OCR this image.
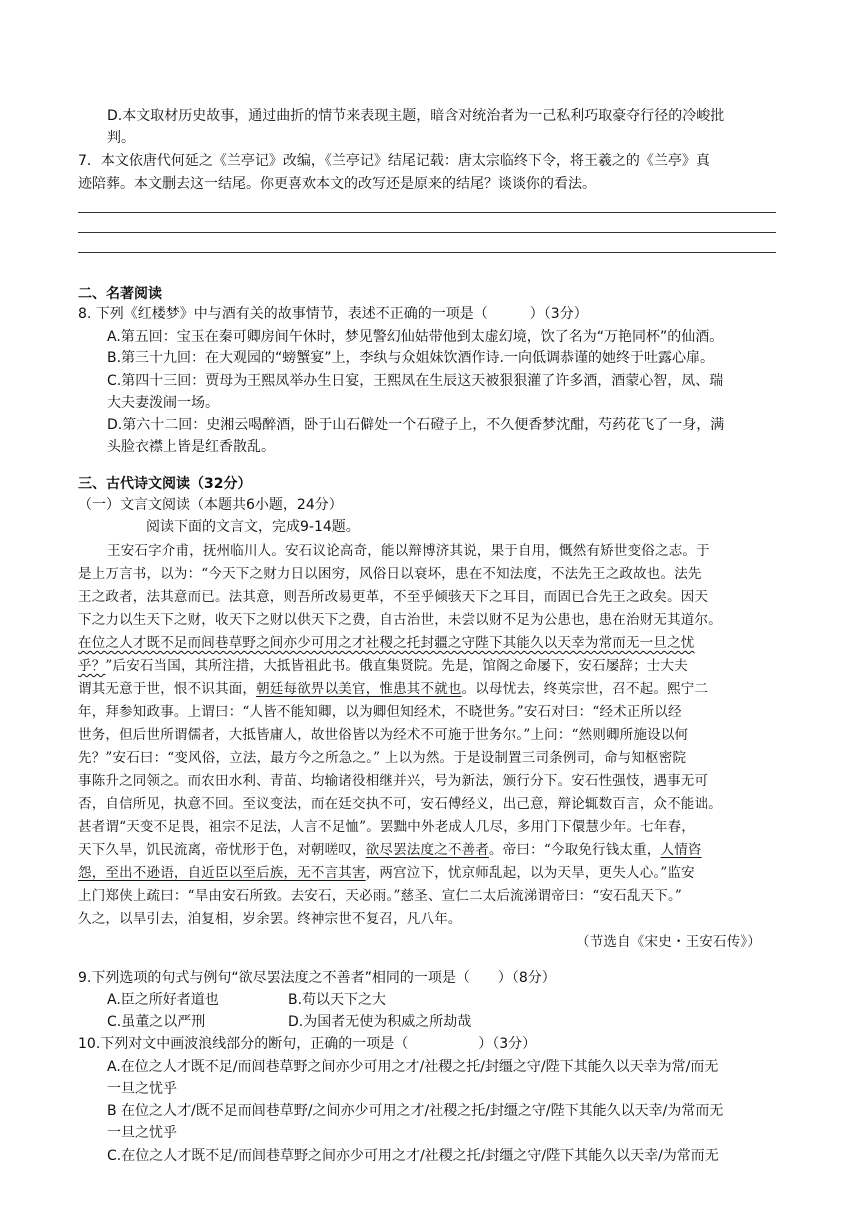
D.本文取材历史故事，通过曲折的情节来表现主题，暗含对统治者为一己私利巧取豪夺行径的冷峻批
判。
7．本文依唐代何延之《兰亭记》改编，《兰亭记》结尾记载：唐太宗临终下令，将王羲之的《兰亭》真
迹陪葬。本文删去这一结尾。你更喜欢本文的改写还是原来的结尾？谈谈你的看法。
二、名著阅读
8. 下列《红楼梦》中与酒有关的故事情节，表述不正确的一项是（　　　）（3分）
A.第五回：宝玉在秦可卿房间午休时，梦见警幻仙姑带他到太虚幻境，饮了名为“万艳同杯”的仙酒。
B.第三十九回：在大观园的“螃蟹宴”上，李纨与众姐妹饮酒作诗.一向低调恭谨的她终于吐露心扉。
C.第四十三回：贾母为王熙凤举办生日宴，王熙凤在生辰这天被狠狠灌了许多酒，酒蒙心智，凤、瑞
大夫妻泼闹一场。
D.第六十二回：史湘云喝醉酒，卧于山石僻处一个石磴子上，不久便香梦沈酣，芍药花飞了一身，满
头脸衣襟上皆是红香散乱。
三、古代诗文阅读（32分）
（一）文言文阅读（本题共6小题，24分）
阅读下面的文言文，完成9-14题。
王安石字介甫，抚州临川人。安石议论高奇，能以辩博济其说，果于自用，慨然有矫世变俗之志。于
是上万言书，以为：“今天下之财力日以困穷，风俗日以衰坏，患在不知法度，不法先王之政故也。法先
王之政者，法其意而已。法其意，则吾所改易更革，不至乎倾骇天下之耳目，而固已合先王之政矣。因天
下之力以生天下之财，收天下之财以供天下之费，自古治世，未尝以财不足为公患也，患在治财无其道尔。
在位之人才既不足而闾巷草野之间亦少可用之才社稷之托封疆之守陛下其能久以天幸为常而无一旦之忧
乎？”后安石当国，其所注措，大抵皆祖此书。俄直集贤院。先是，馆阁之命屡下，安石屡辞；士大夫
谓其无意于世，恨不识其面，朝廷每欲畀以美官，惟患其不就也。以母忧去，终英宗世，召不起。熙宁二
年，拜参知政事。上谓曰：“人皆不能知卿，以为卿但知经术，不晓世务。”安石对曰：“经术正所以经
世务，但后世所谓儒者，大抵皆庸人，故世俗皆以为经术不可施于世务尔。”上问：“然则卿所施设以何
先？”安石曰：“变风俗，立法，最方今之所急之。” 上以为然。于是设制置三司条例司，命与知枢密院
事陈升之同领之。而农田水利、青苗、均输诸役相继并兴，号为新法，颁行分下。安石性强忮，遇事无可
否，自信所见，执意不回。至议变法，而在廷交执不可，安石傅经义，出己意，辩论辄数百言，众不能诎。
甚者谓“天变不足畏，祖宗不足法，人言不足恤”。罢黜中外老成人几尽，多用门下儇慧少年。七年春，
天下久旱，饥民流离，帝忧形于色，对朝嗟叹，欲尽罢法度之不善者。帝曰：“今取免行钱太重，人情咨
怨，至出不逊语，自近臣以至后族，无不言其害，两宫泣下，忧京师乱起，以为天旱，更失人心。”监安
上门郑侠上疏曰：“旱由安石所致。去安石，天必雨。”慈圣、宣仁二太后流涕谓帝曰：“安石乱天下。”
久之，以旱引去，洎复相，岁余罢。终神宗世不复召，凡八年。
（节选自《宋史・王安石传》）
9.下列选项的句式与例句“欲尽罢法度之不善者”相同的一项是（　　）（8分）
A.臣之所好者道也	B.苟以天下之大
C.虽董之以严刑	D.为国者无使为积威之所劫哉
10.下列对文中画波浪线部分的断句，正确的一项是（　　　　　）（3分）
A.在位之人才既不足/而闾巷草野之间亦少可用之才/社稷之托/封缰之守/陛下其能久以天幸为常/而无
一旦之忧乎
B 在位之人才/既不足而闾巷草野/之间亦少可用之才/社稷之托/封缰之守/陛下其能久以天幸/为常而无
一旦之忧乎
C.在位之人才既不足/而闾巷草野之间亦少可用之才/社稷之托/封缰之守/陛下其能久以天幸/为常而无
